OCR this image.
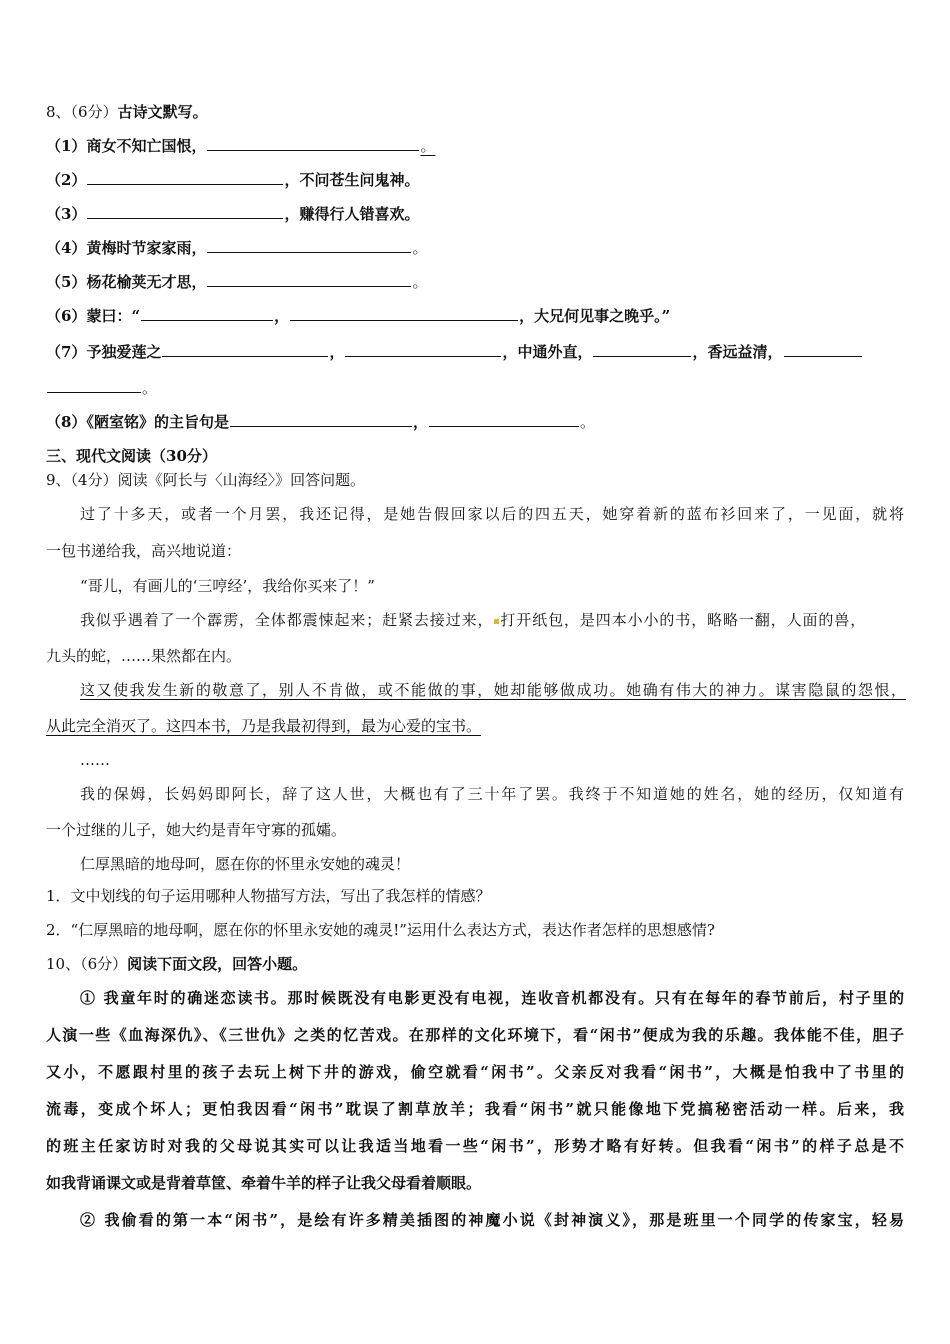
8、（6分）古诗文默写。
（1）商女不知亡国恨，	。
（2）	，不问苍生问鬼神。
（3）	，赚得行人错喜欢。
（4）黄梅时节家家雨，	。
（5）杨花榆荚无才思，	。
（6）蒙曰：“	，	，大兄何见事之晚乎。”
（7）予独爱莲之	，	，中通外直，	，香远益清，
。
（8）《陋室铭》的主旨句是	，	。
三、现代文阅读（30分）
9、（4分）阅读《阿长与〈山海经〉》回答问题。
过了十多天，或者一个月罢，我还记得，是她告假回家以后的四五天，她穿着新的蓝布衫回来了，一见面，就将
一包书递给我，高兴地说道：
“哥儿，有画儿的‘三哼经’，我给你买来了！”
我似乎遇着了一个霹雳，全体都震悚起来；赶紧去接过来， 打开纸包，是四本小小的书，略略一翻，人面的兽，
九头的蛇，……果然都在内。
这又使我发生新的敬意了，别人不肯做，或不能做的事，她却能够做成功。她确有伟大的神力。谋害隐鼠的怨恨，
从此完全消灭了。这四本书，乃是我最初得到，最为心爱的宝书。
……
我的保姆，长妈妈即阿长，辞了这人世，大概也有了三十年了罢。我终于不知道她的姓名，她的经历，仅知道有
一个过继的儿子，她大约是青年守寡的孤孀。
仁厚黑暗的地母呵，愿在你的怀里永安她的魂灵！
1．文中划线的句子运用哪种人物描写方法，写出了我怎样的情感？
2．“仁厚黑暗的地母啊，愿在你的怀里永安她的魂灵!”运用什么表达方式，表达作者怎样的思想感情?
10、（6分）阅读下面文段，回答小题。
① 我童年时的确迷恋读书。那时候既没有电影更没有电视，连收音机都没有。只有在每年的春节前后，村子里的
人演一些《血海深仇》、《三世仇》之类的忆苦戏。在那样的文化环境下，看“闲书”便成为我的乐趣。我体能不佳，胆子
又小，不愿跟村里的孩子去玩上树下井的游戏，偷空就看“闲书”。父亲反对我看“闲书”，大概是怕我中了书里的
流毒，变成个坏人；更怕我因看“闲书”耽误了割草放羊；我看“闲书”就只能像地下党搞秘密活动一样。后来，我
的班主任家访时对我的父母说其实可以让我适当地看一些“闲书”，形势才略有好转。但我看“闲书”的样子总是不
如我背诵课文或是背着草筐、牵着牛羊的样子让我父母看着顺眼。
② 我偷看的第一本“闲书”，是绘有许多精美插图的神魔小说《封神演义》，那是班里一个同学的传家宝，轻易
